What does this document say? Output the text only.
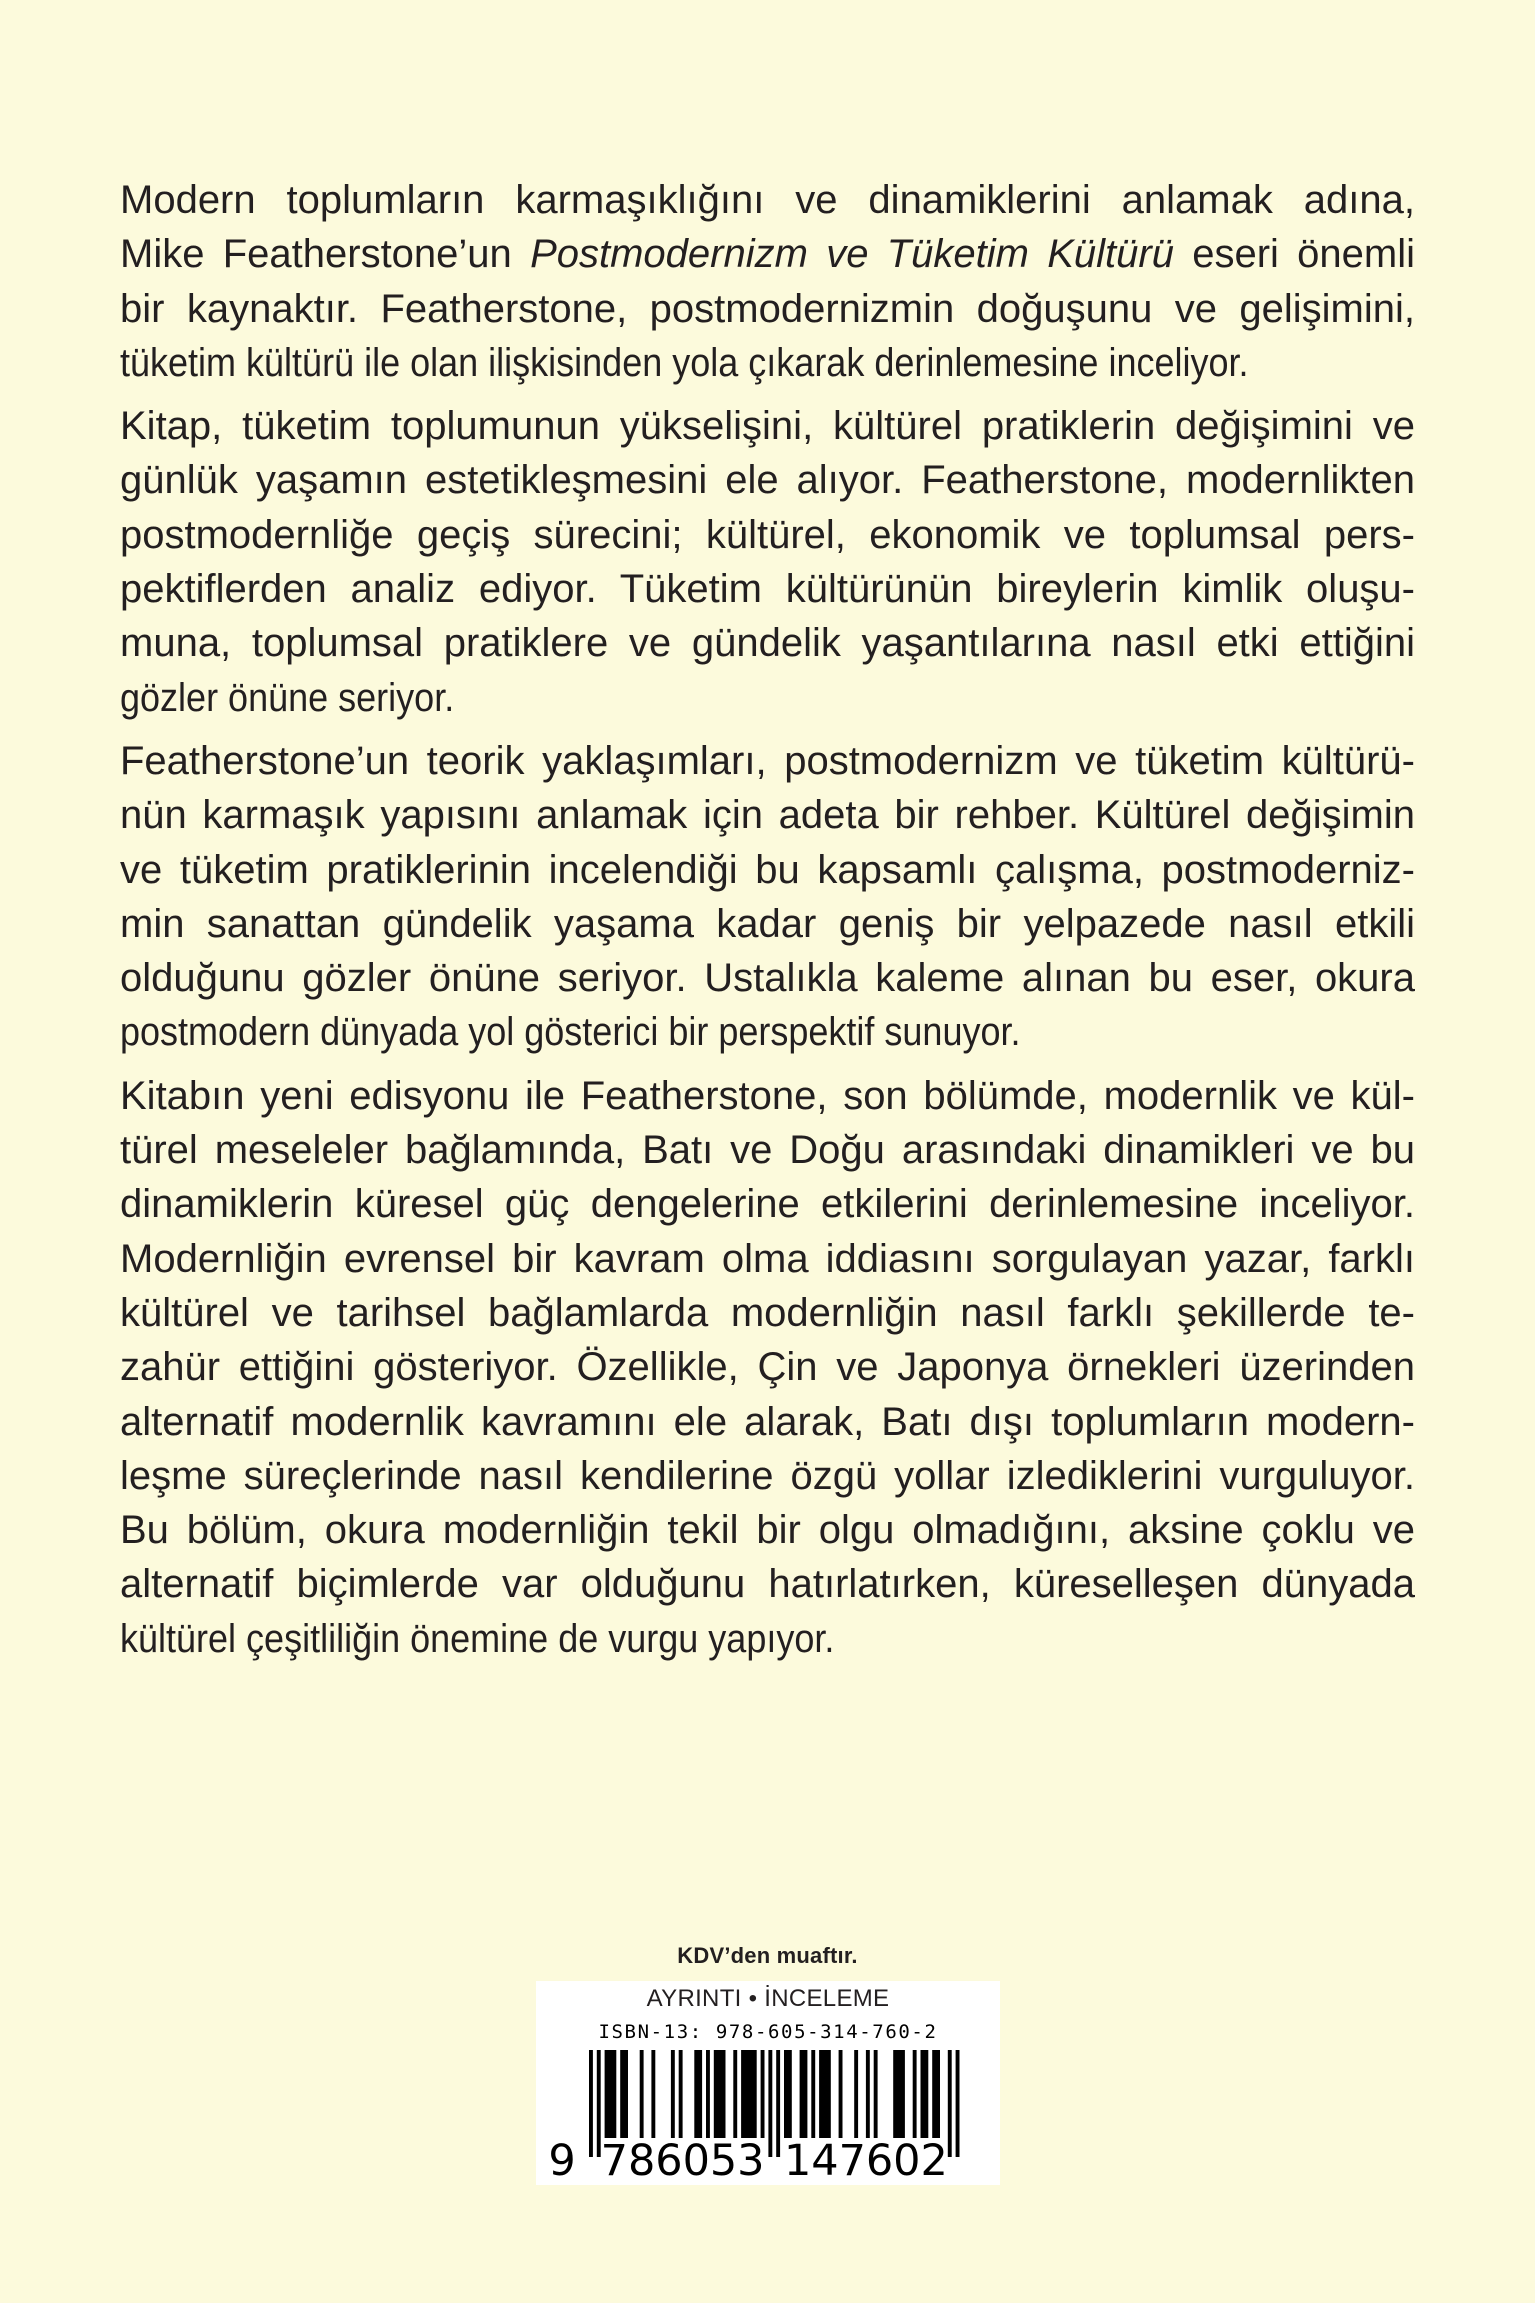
Modern toplumların karmaşıklığını ve dinamiklerini anlamak adına,
Mike Featherstone’un Postmodernizm ve Tüketim Kültürü eseri önemli
bir kaynaktır. Featherstone, postmodernizmin doğuşunu ve gelişimini,
tüketim kültürü ile olan ilişkisinden yola çıkarak derinlemesine inceliyor.
Kitap, tüketim toplumunun yükselişini, kültürel pratiklerin değişimini ve
günlük yaşamın estetikleşmesini ele alıyor. Featherstone, modernlikten
postmodernliğe geçiş sürecini; kültürel, ekonomik ve toplumsal pers-
pektiflerden analiz ediyor. Tüketim kültürünün bireylerin kimlik oluşu-
muna, toplumsal pratiklere ve gündelik yaşantılarına nasıl etki ettiğini
gözler önüne seriyor.
Featherstone’un teorik yaklaşımları, postmodernizm ve tüketim kültürü-
nün karmaşık yapısını anlamak için adeta bir rehber. Kültürel değişimin
ve tüketim pratiklerinin incelendiği bu kapsamlı çalışma, postmoderniz-
min sanattan gündelik yaşama kadar geniş bir yelpazede nasıl etkili
olduğunu gözler önüne seriyor. Ustalıkla kaleme alınan bu eser, okura
postmodern dünyada yol gösterici bir perspektif sunuyor.
Kitabın yeni edisyonu ile Featherstone, son bölümde, modernlik ve kül-
türel meseleler bağlamında, Batı ve Doğu arasındaki dinamikleri ve bu
dinamiklerin küresel güç dengelerine etkilerini derinlemesine inceliyor.
Modernliğin evrensel bir kavram olma iddiasını sorgulayan yazar, farklı
kültürel ve tarihsel bağlamlarda modernliğin nasıl farklı şekillerde te-
zahür ettiğini gösteriyor. Özellikle, Çin ve Japonya örnekleri üzerinden
alternatif modernlik kavramını ele alarak, Batı dışı toplumların modern-
leşme süreçlerinde nasıl kendilerine özgü yollar izlediklerini vurguluyor.
Bu bölüm, okura modernliğin tekil bir olgu olmadığını, aksine çoklu ve
alternatif biçimlerde var olduğunu hatırlatırken, küreselleşen dünyada
kültürel çeşitliliğin önemine de vurgu yapıyor.
KDV’den muaftır.
AYRINTI • İNCELEME
ISBN-13: 978-605-314-760-2
9 7 8 6 0 5 3 1 4 7 6 0 2
